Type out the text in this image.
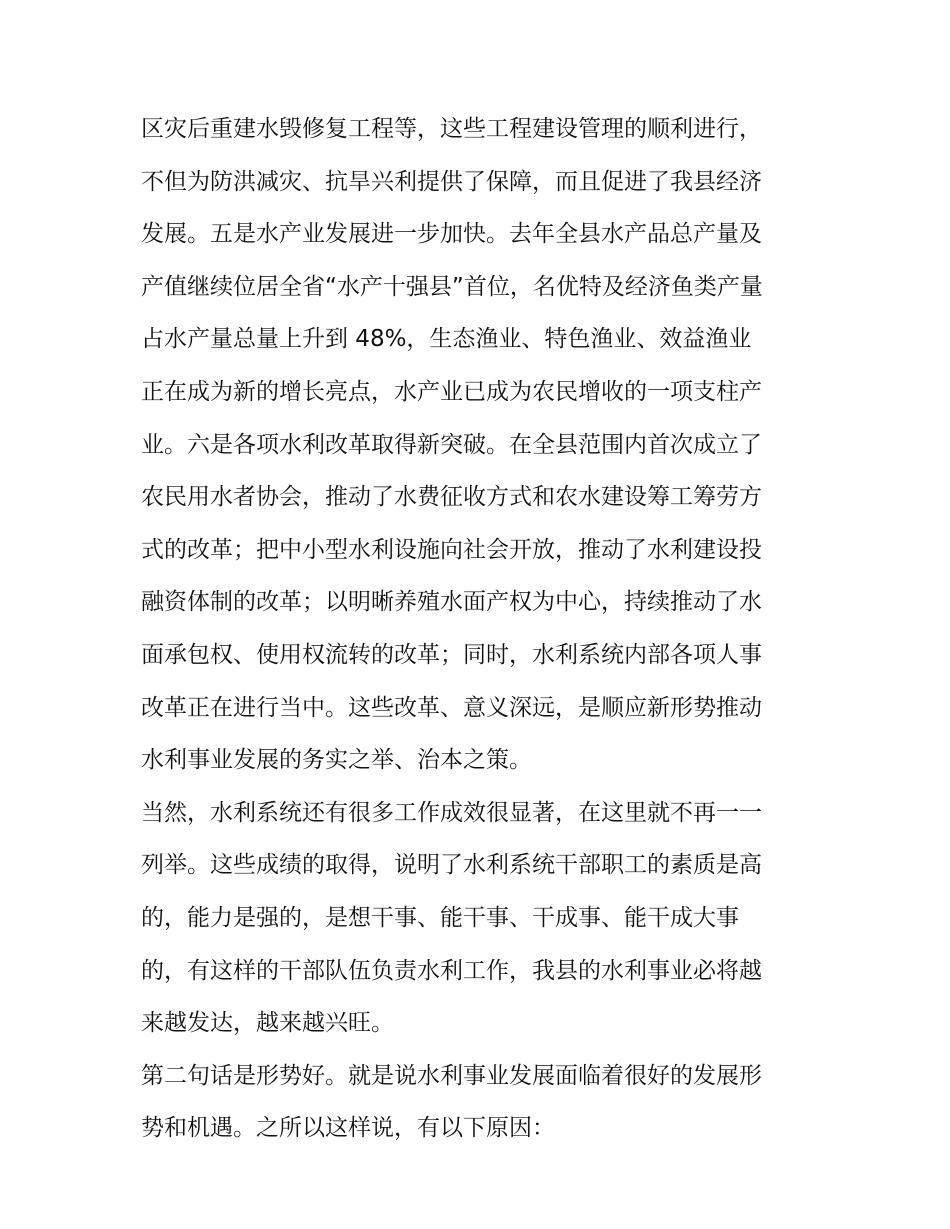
区灾后重建水毁修复工程等，这些工程建设管理的顺利进行，
不但为防洪减灾、抗旱兴利提供了保障，而且促进了我县经济
发展。五是水产业发展进一步加快。去年全县水产品总产量及
产值继续位居全省“水产十强县”首位，名优特及经济鱼类产量
占水产量总量上升到 48%，生态渔业、特色渔业、效益渔业
正在成为新的增长亮点，水产业已成为农民增收的一项支柱产
业。六是各项水利改革取得新突破。在全县范围内首次成立了
农民用水者协会，推动了水费征收方式和农水建设筹工筹劳方
式的改革；把中小型水利设施向社会开放，推动了水利建设投
融资体制的改革；以明晰养殖水面产权为中心，持续推动了水
面承包权、使用权流转的改革；同时，水利系统内部各项人事
改革正在进行当中。这些改革、意义深远，是顺应新形势推动
水利事业发展的务实之举、治本之策。
当然，水利系统还有很多工作成效很显著，在这里就不再一一
列举。这些成绩的取得，说明了水利系统干部职工的素质是高
的，能力是强的，是想干事、能干事、干成事、能干成大事
的，有这样的干部队伍负责水利工作，我县的水利事业必将越
来越发达，越来越兴旺。
第二句话是形势好。就是说水利事业发展面临着很好的发展形
势和机遇。之所以这样说，有以下原因：
